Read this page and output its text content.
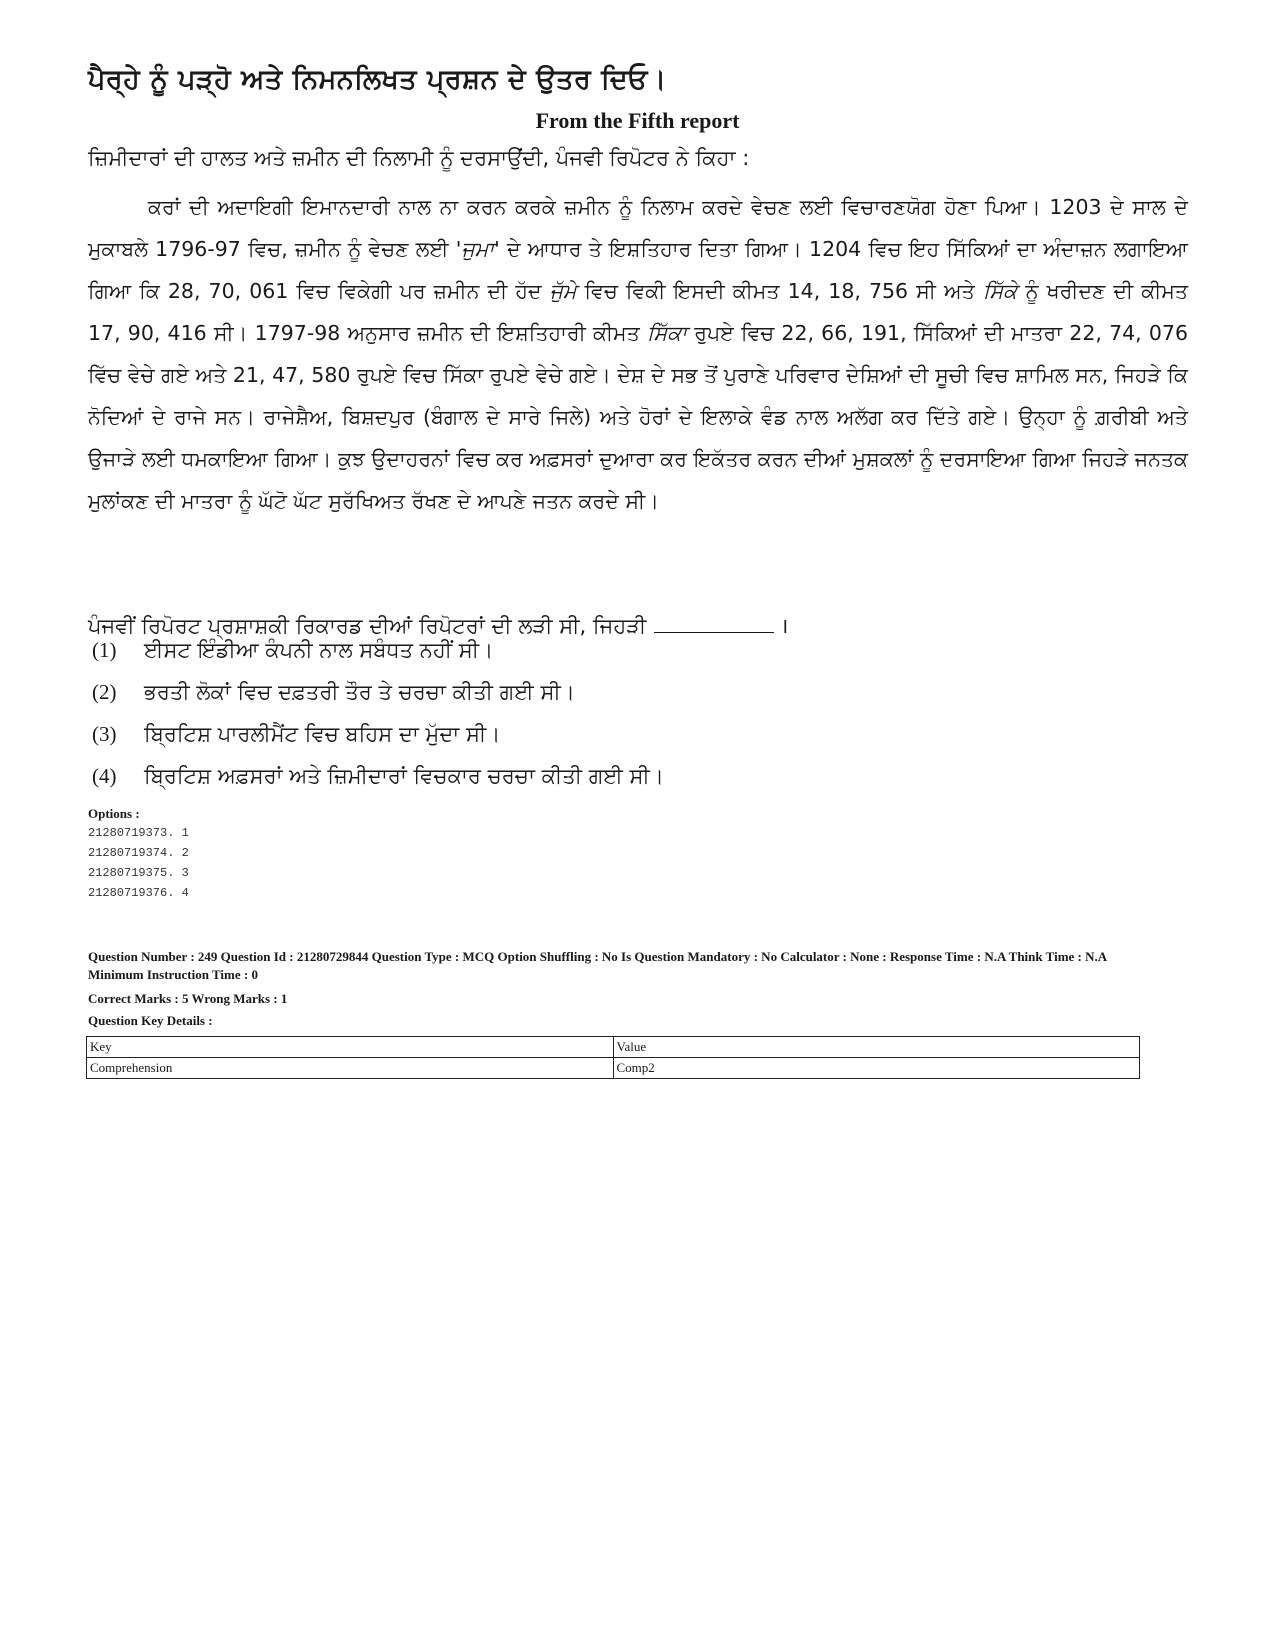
ਪੈਰ੍ਹੇ ਨੂੰ ਪੜ੍ਹੋ ਅਤੇ ਨਿਮਨਲਿਖਤ ਪ੍ਰਸ਼ਨ ਦੇ ਉਤਰ ਦਿਓ।
From the Fifth report
ਜ਼ਿਮੀਦਾਰਾਂ ਦੀ ਹਾਲਤ ਅਤੇ ਜ਼ਮੀਨ ਦੀ ਨਿਲਾਮੀ ਨੂੰ ਦਰਸਾਉਂਦੀ, ਪੰਜਵੀ ਰਿਪੋਟਰ ਨੇ ਕਿਹਾ :
ਕਰਾਂ ਦੀ ਅਦਾਇਗੀ ਇਮਾਨਦਾਰੀ ਨਾਲ ਨਾ ਕਰਨ ਕਰਕੇ ਜ਼ਮੀਨ ਨੂੰ ਨਿਲਾਮ ਕਰਦੇ ਵੇਚਣ ਲਈ ਵਿਚਾਰਣਯੋਗ ਹੋਣਾ ਪਿਆ। 1203 ਦੇ ਸਾਲ ਦੇ ਮੁਕਾਬਲੇ 1796-97 ਵਿਚ, ਜ਼ਮੀਨ ਨੂੰ ਵੇਚਣ ਲਈ 'ਜੁਮਾ' ਦੇ ਆਧਾਰ ਤੇ ਇਸ਼ਤਿਹਾਰ ਦਿਤਾ ਗਿਆ। 1204 ਵਿਚ ਇਹ ਸਿੱਕਿਆਂ ਦਾ ਅੰਦਾਜ਼ਨ ਲਗਾਇਆ ਗਿਆ ਕਿ 28, 70, 061 ਵਿਚ ਵਿਕੇਗੀ ਪਰ ਜ਼ਮੀਨ ਦੀ ਹੱਦ ਜੁੱਮੇ ਵਿਚ ਵਿਕੀ ਇਸਦੀ ਕੀਮਤ 14, 18, 756 ਸੀ ਅਤੇ ਸਿੱਕੇ ਨੂੰ ਖਰੀਦਣ ਦੀ ਕੀਮਤ 17, 90, 416 ਸੀ। 1797-98 ਅਨੁਸਾਰ ਜ਼ਮੀਨ ਦੀ ਇਸ਼ਤਿਹਾਰੀ ਕੀਮਤ ਸਿੱਕਾ ਰੁਪਏ ਵਿਚ 22, 66, 191, ਸਿੱਕਿਆਂ ਦੀ ਮਾਤਰਾ 22, 74, 076 ਵਿੱਚ ਵੇਚੇ ਗਏ ਅਤੇ 21, 47, 580 ਰੁਪਏ ਵਿਚ ਸਿੱਕਾ ਰੁਪਏ ਵੇਚੇ ਗਏ। ਦੇਸ਼ ਦੇ ਸਭ ਤੋਂ ਪੁਰਾਣੇ ਪਰਿਵਾਰ ਦੇਸ਼ਿਆਂ ਦੀ ਸੂਚੀ ਵਿਚ ਸ਼ਾਮਿਲ ਸਨ, ਜਿਹੜੇ ਕਿ ਨੋਦਿਆਂ ਦੇ ਰਾਜੇ ਸਨ। ਰਾਜੇਸ਼ੈਅ, ਬਿਸ਼ਦਪੁਰ (ਬੰਗਾਲ ਦੇ ਸਾਰੇ ਜਿਲੇ) ਅਤੇ ਹੋਰਾਂ ਦੇ ਇਲਾਕੇ ਵੰਡ ਨਾਲ ਅਲੱਗ ਕਰ ਦਿੱਤੇ ਗਏ। ਉਨ੍ਹਾ ਨੂੰ ਗ਼ਰੀਬੀ ਅਤੇ ਉਜਾੜੇ ਲਈ ਧਮਕਾਇਆ ਗਿਆ। ਕੁਝ ਉਦਾਹਰਨਾਂ ਵਿਚ ਕਰ ਅਫ਼ਸਰਾਂ ਦੁਆਰਾ ਕਰ ਇਕੱਤਰ ਕਰਨ ਦੀਆਂ ਮੁਸ਼ਕਲਾਂ ਨੂੰ ਦਰਸਾਇਆ ਗਿਆ ਜਿਹੜੇ ਜਨਤਕ ਮੁਲਾਂਕਣ ਦੀ ਮਾਤਰਾ ਨੂੰ ਘੱਟੋ ਘੱਟ ਸੁਰੱਖਿਅਤ ਰੱਖਣ ਦੇ ਆਪਣੇ ਜਤਨ ਕਰਦੇ ਸੀ।
ਪੰਜਵੀਂ ਰਿਪੋਰਟ ਪ੍ਰਸ਼ਾਸ਼ਕੀ ਰਿਕਾਰਡ ਦੀਆਂ ਰਿਪੋਟਰਾਂ ਦੀ ਲੜੀ ਸੀ, ਜਿਹੜੀ	।
(1) ਈਸਟ ਇੰਡੀਆ ਕੰਪਨੀ ਨਾਲ ਸਬੰਧਤ ਨਹੀਂ ਸੀ।
(2) ਭਰਤੀ ਲੋਕਾਂ ਵਿਚ ਦਫ਼ਤਰੀ ਤੌਰ ਤੇ ਚਰਚਾ ਕੀਤੀ ਗਈ ਸੀ।
(3) ਬ੍ਰਿਟਿਸ਼ ਪਾਰਲੀਮੈਂਟ ਵਿਚ ਬਹਿਸ ਦਾ ਮੁੱਦਾ ਸੀ।
(4) ਬ੍ਰਿਟਿਸ਼ ਅਫ਼ਸਰਾਂ ਅਤੇ ਜ਼ਿਮੀਦਾਰਾਂ ਵਿਚਕਾਰ ਚਰਚਾ ਕੀਤੀ ਗਈ ਸੀ।
Options :
21280719373. 1
21280719374. 2
21280719375. 3
21280719376. 4
Question Number : 249 Question Id : 21280729844 Question Type : MCQ Option Shuffling : No Is Question Mandatory : No Calculator : None : Response Time : N.A Think Time : N.A Minimum Instruction Time : 0
Correct Marks : 5 Wrong Marks : 1
Question Key Details :
Key	Value
Comprehension	Comp2
